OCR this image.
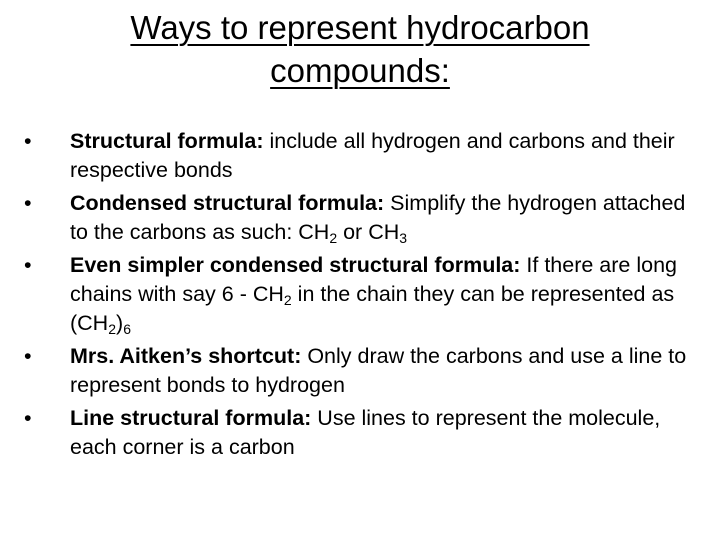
Ways to represent hydrocarbon
compounds:
•	Structural formula: include all hydrogen and carbons and their respective bonds
•	Condensed structural formula: Simplify the hydrogen attached to the carbons as such: $CH_2$ or $CH_3$
•	Even simpler condensed structural formula: If there are long chains with say $6 - CH_2$ in the chain they can be represented as $(CH_2)_6$
•	Mrs. Aitken’s shortcut: Only draw the carbons and use a line to represent bonds to hydrogen
•	Line structural formula: Use lines to represent the molecule, each corner is a carbon
